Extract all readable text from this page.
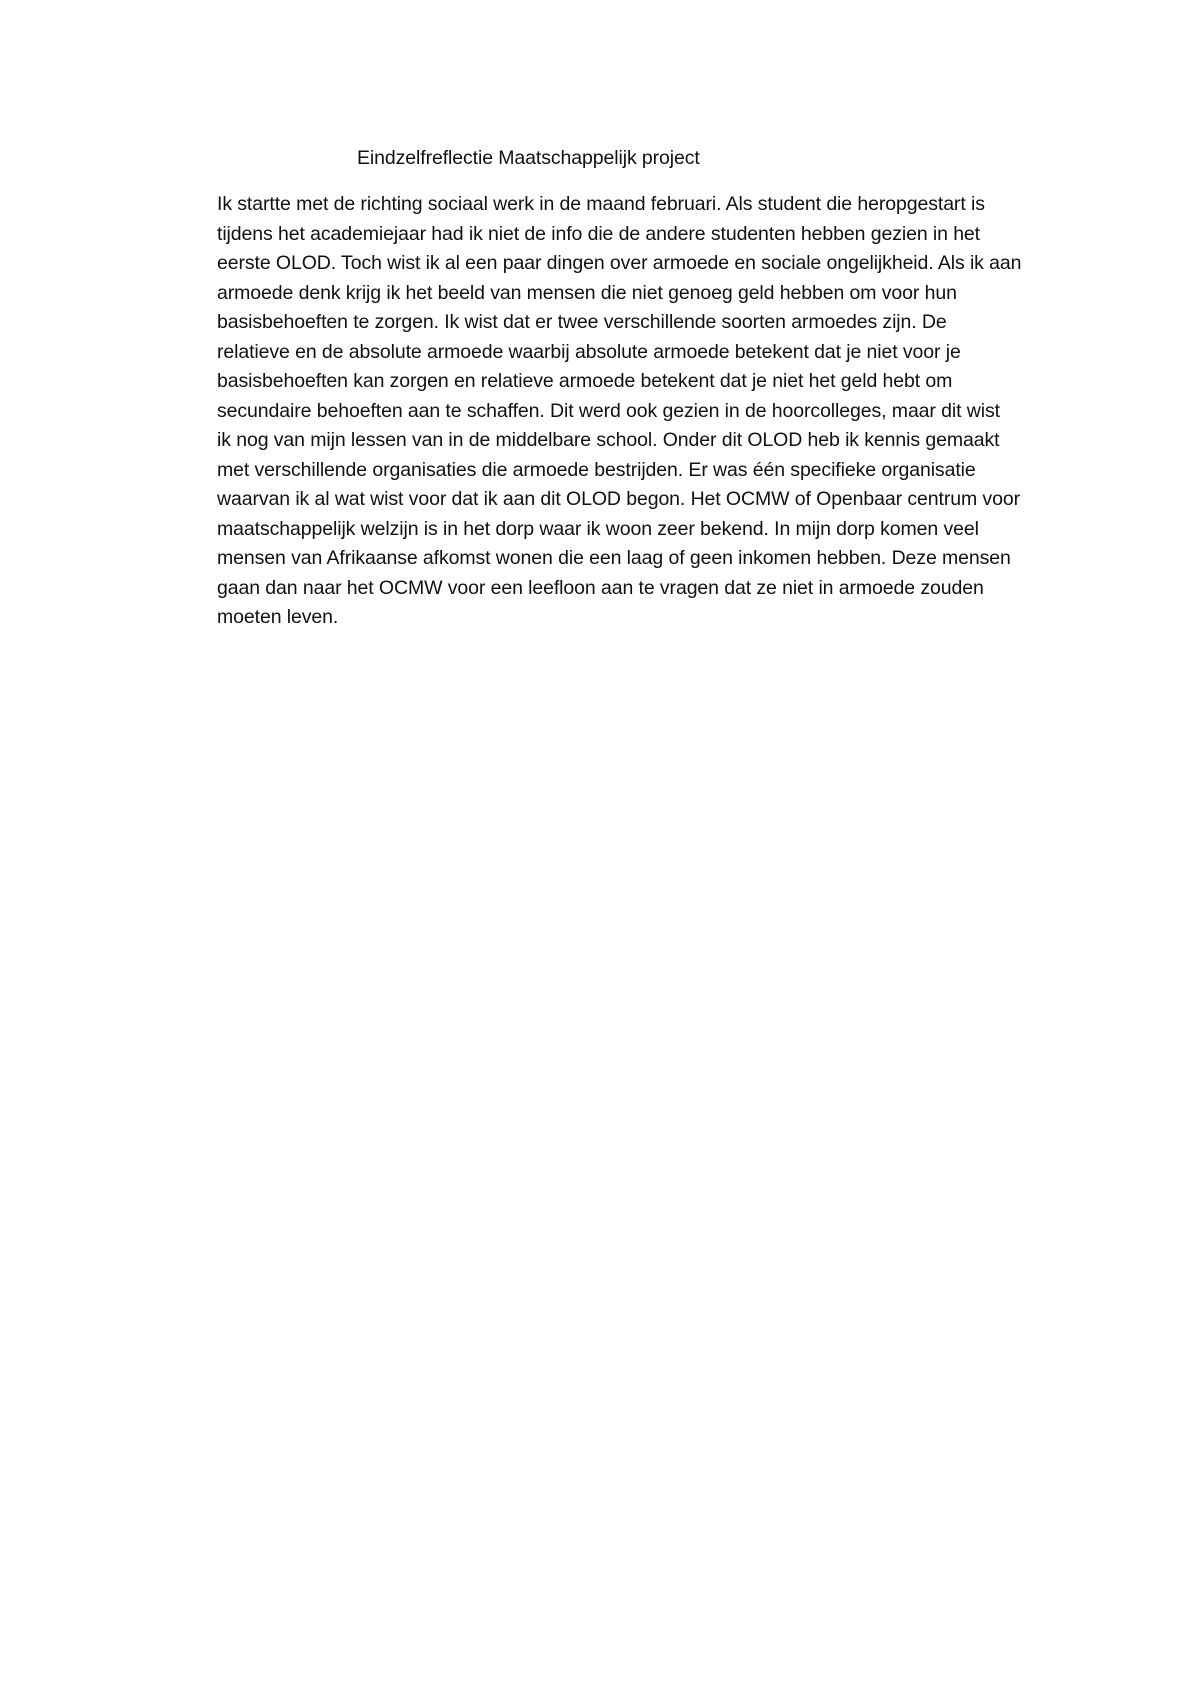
Eindzelfreflectie Maatschappelijk project
Ik startte met de richting sociaal werk in de maand februari. Als student die heropgestart is
tijdens het academiejaar had ik niet de info die de andere studenten hebben gezien in het
eerste OLOD. Toch wist ik al een paar dingen over armoede en sociale ongelijkheid. Als ik aan
armoede denk krijg ik het beeld van mensen die niet genoeg geld hebben om voor hun
basisbehoeften te zorgen. Ik wist dat er twee verschillende soorten armoedes zijn. De
relatieve en de absolute armoede waarbij absolute armoede betekent dat je niet voor je
basisbehoeften kan zorgen en relatieve armoede betekent dat je niet het geld hebt om
secundaire behoeften aan te schaffen. Dit werd ook gezien in de hoorcolleges, maar dit wist
ik nog van mijn lessen van in de middelbare school. Onder dit OLOD heb ik kennis gemaakt
met verschillende organisaties die armoede bestrijden. Er was één specifieke organisatie
waarvan ik al wat wist voor dat ik aan dit OLOD begon. Het OCMW of Openbaar centrum voor
maatschappelijk welzijn is in het dorp waar ik woon zeer bekend. In mijn dorp komen veel
mensen van Afrikaanse afkomst wonen die een laag of geen inkomen hebben. Deze mensen
gaan dan naar het OCMW voor een leefloon aan te vragen dat ze niet in armoede zouden
moeten leven.
